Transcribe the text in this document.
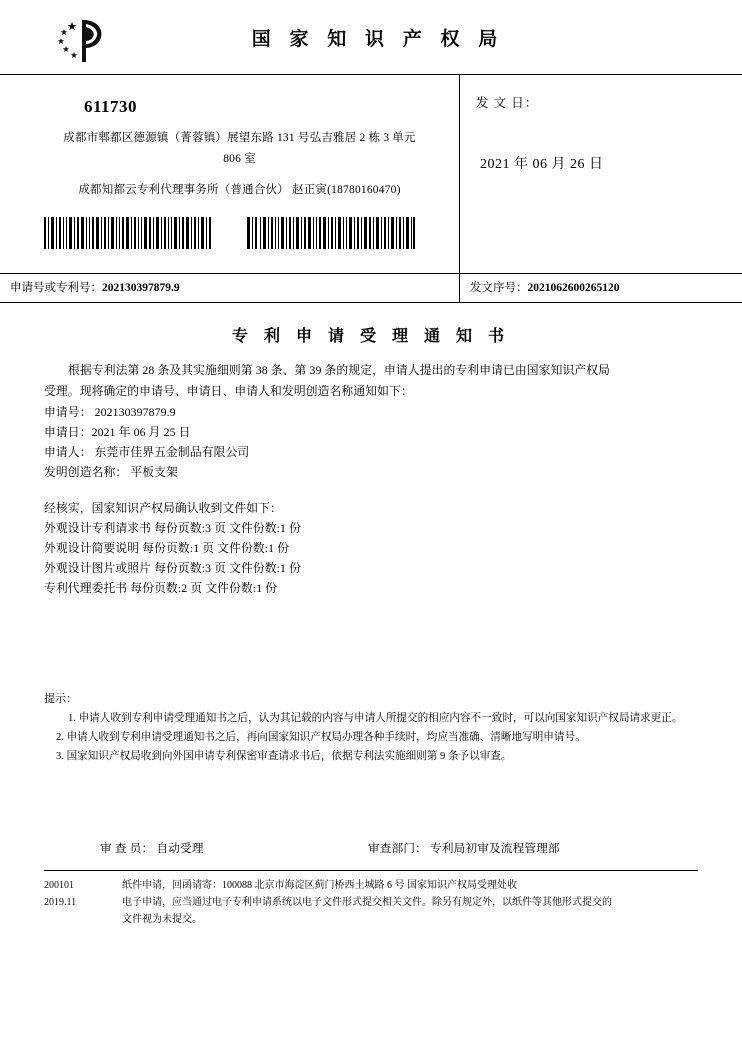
国 家 知 识 产 权 局
611730
成都市郫都区德源镇（菁蓉镇）展望东路 131 号弘吉雅居 2 栋 3 单元
806 室
成都知都云专利代理事务所（普通合伙） 赵正寅(18780160470)
发 文 日：
2021 年 06 月 26 日
申请号或专利号：202130397879.9	发文序号：2021062600265120
专 利 申 请 受 理 通 知 书

根据专利法第 28 条及其实施细则第 38 条、第 39 条的规定，申请人提出的专利申请已由国家知识产权局

受理。现将确定的申请号、申请日、申请人和发明创造名称通知如下：

申请号： 202130397879.9
申请日：2021 年 06 月 25 日
申请人： 东莞市佳界五金制品有限公司
发明创造名称： 平板支架
经核实，国家知识产权局确认收到文件如下：
外观设计专利请求书 每份页数:3 页 文件份数:1 份
外观设计简要说明 每份页数:1 页 文件份数:1 份
外观设计图片或照片 每份页数:3 页 文件份数:1 份
专利代理委托书 每份页数:2 页 文件份数:1 份
提示：
1. 申请人收到专利申请受理通知书之后，认为其记载的内容与申请人所提交的相应内容不一致时，可以向国家知识产权局请求更正。
2. 申请人收到专利申请受理通知书之后，再向国家知识产权局办理各种手续时，均应当准确、清晰地写明申请号。
3. 国家知识产权局收到向外国申请专利保密审查请求书后，依据专利法实施细则第 9 条予以审查。
审 查 员： 自动受理	审查部门： 专利局初审及流程管理部
200101
2019.11
纸件申请，回函请寄：100088 北京市海淀区蓟门桥西土城路 6 号 国家知识产权局受理处收
电子申请，应当通过电子专利申请系统以电子文件形式提交相关文件。除另有规定外，以纸件等其他形式提交的
文件视为未提交。
